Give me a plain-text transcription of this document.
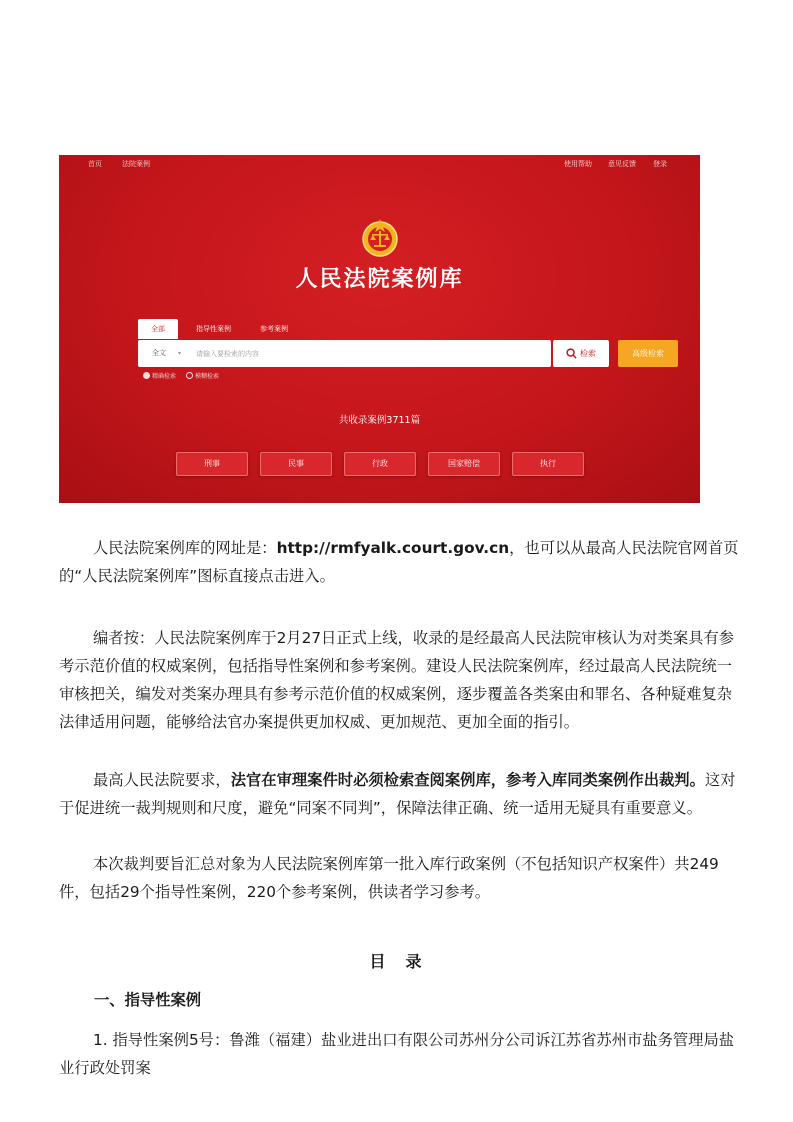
首页	法院案例	使用帮助 意见反馈 登录
人民法院案例库
全部	指导性案例	参考案例
全文 ▾
请输入要检索的内容	检索	高级检索
精确检索	模糊检索
共收录案例3711篇
刑事	民事	行政	国家赔偿	执行

人民法院案例库的网址是：http://rmfyalk.court.gov.cn，也可以从最高人民法院官网首页的“人民法院案例库”图标直接点击进入。

编者按：人民法院案例库于2月27日正式上线，收录的是经最高人民法院审核认为对类案具有参考示范价值的权威案例，包括指导性案例和参考案例。建设人民法院案例库，经过最高人民法院统一审核把关，编发对类案办理具有参考示范价值的权威案例，逐步覆盖各类案由和罪名、各种疑难复杂法律适用问题，能够给法官办案提供更加权威、更加规范、更加全面的指引。

最高人民法院要求，法官在审理案件时必须检索查阅案例库，参考入库同类案例作出裁判。这对于促进统一裁判规则和尺度，避免“同案不同判”，保障法律正确、统一适用无疑具有重要意义。

本次裁判要旨汇总对象为人民法院案例库第一批入库行政案例（不包括知识产权案件）共249件，包括29个指导性案例，220个参考案例，供读者学习参考。

目　录
一、指导性案例

1. 指导性案例5号：鲁潍（福建）盐业进出口有限公司苏州分公司诉江苏省苏州市盐务管理局盐业行政处罚案
